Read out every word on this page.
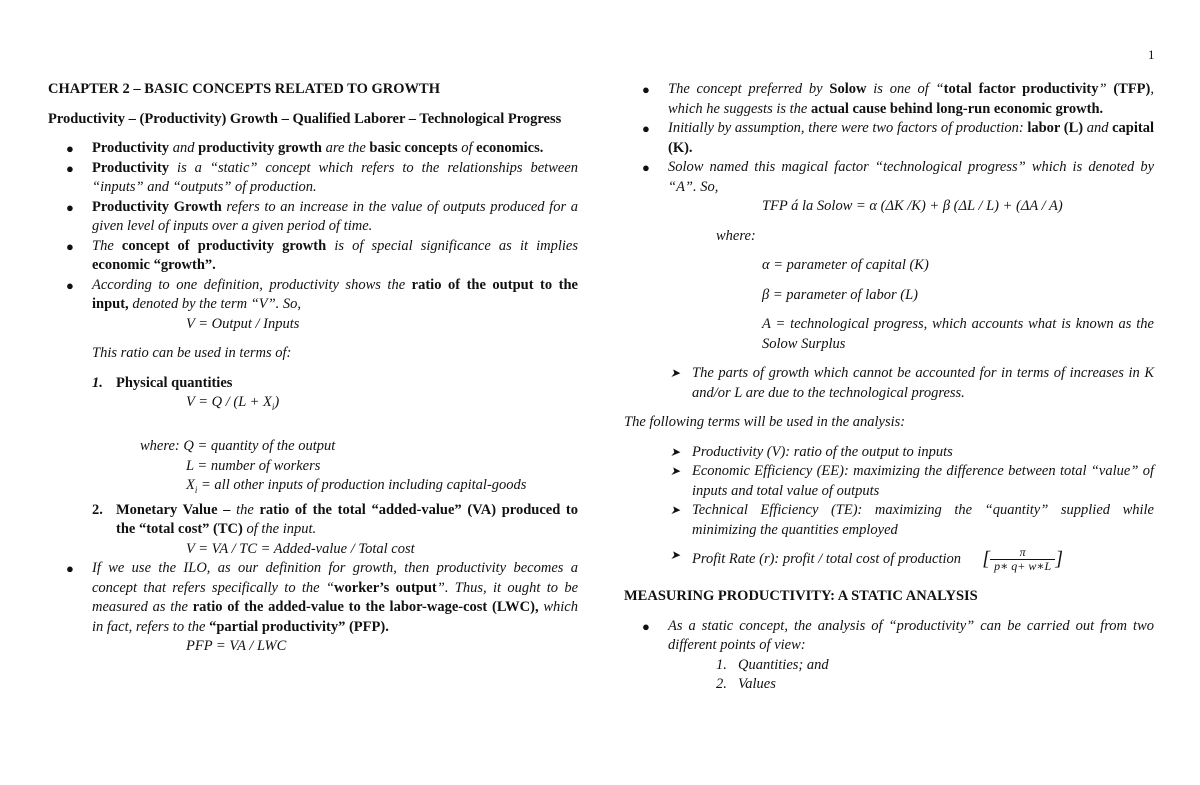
1
CHAPTER 2 – BASIC CONCEPTS RELATED TO GROWTH
Productivity – (Productivity) Growth – Qualified Laborer – Technological Progress
● Productivity and productivity growth are the basic concepts of economics.
● Productivity is a “static” concept which refers to the relationships between “inputs” and “outputs” of production.
● Productivity Growth refers to an increase in the value of outputs produced for a given level of inputs over a given period of time.
● The concept of productivity growth is of special significance as it implies economic “growth”.
● According to one definition, productivity shows the ratio of the output to the input, denoted by the term “V”. So,
V = Output / Inputs
This ratio can be used in terms of:
1. Physical quantities
$V = Q / (L + X_i)$
where: Q = quantity of the output
L = number of workers
$X_i$ = all other inputs of production including capital-goods
2. Monetary Value – the ratio of the total “added-value” (VA) produced to the “total cost” (TC) of the input.
V = VA / TC = Added-value / Total cost
● If we use the ILO, as our definition for growth, then productivity becomes a concept that refers specifically to the “worker’s output”. Thus, it ought to be measured as the ratio of the added-value to the labor-wage-cost (LWC), which in fact, refers to the “partial productivity” (PFP).
PFP = VA / LWC
● The concept preferred by Solow is one of “total factor productivity” (TFP), which he suggests is the actual cause behind long-run economic growth.
● Initially by assumption, there were two factors of production: labor (L) and capital (K).
● Solow named this magical factor “technological progress” which is denoted by “A”. So,
TFP á la Solow = α (ΔK /K) + β (ΔL / L) + (ΔA / A)
where:
α = parameter of capital (K)
β = parameter of labor (L)
A = technological progress, which accounts what is known as the Solow Surplus
➤ The parts of growth which cannot be accounted for in terms of increases in K and/or L are due to the technological progress.
The following terms will be used in the analysis:
➤ Productivity (V): ratio of the output to inputs
➤ Economic Efficiency (EE): maximizing the difference between total “value” of inputs and total value of outputs
➤ Technical Efficiency (TE): maximizing the “quantity” supplied while minimizing the quantities employed
➤ Profit Rate (r): profit / total cost of production [ $\frac{\pi}{p∗ q+ w∗L}$ ]
MEASURING PRODUCTIVITY: A STATIC ANALYSIS
● As a static concept, the analysis of “productivity” can be carried out from two different points of view:
1. Quantities; and
2. Values
